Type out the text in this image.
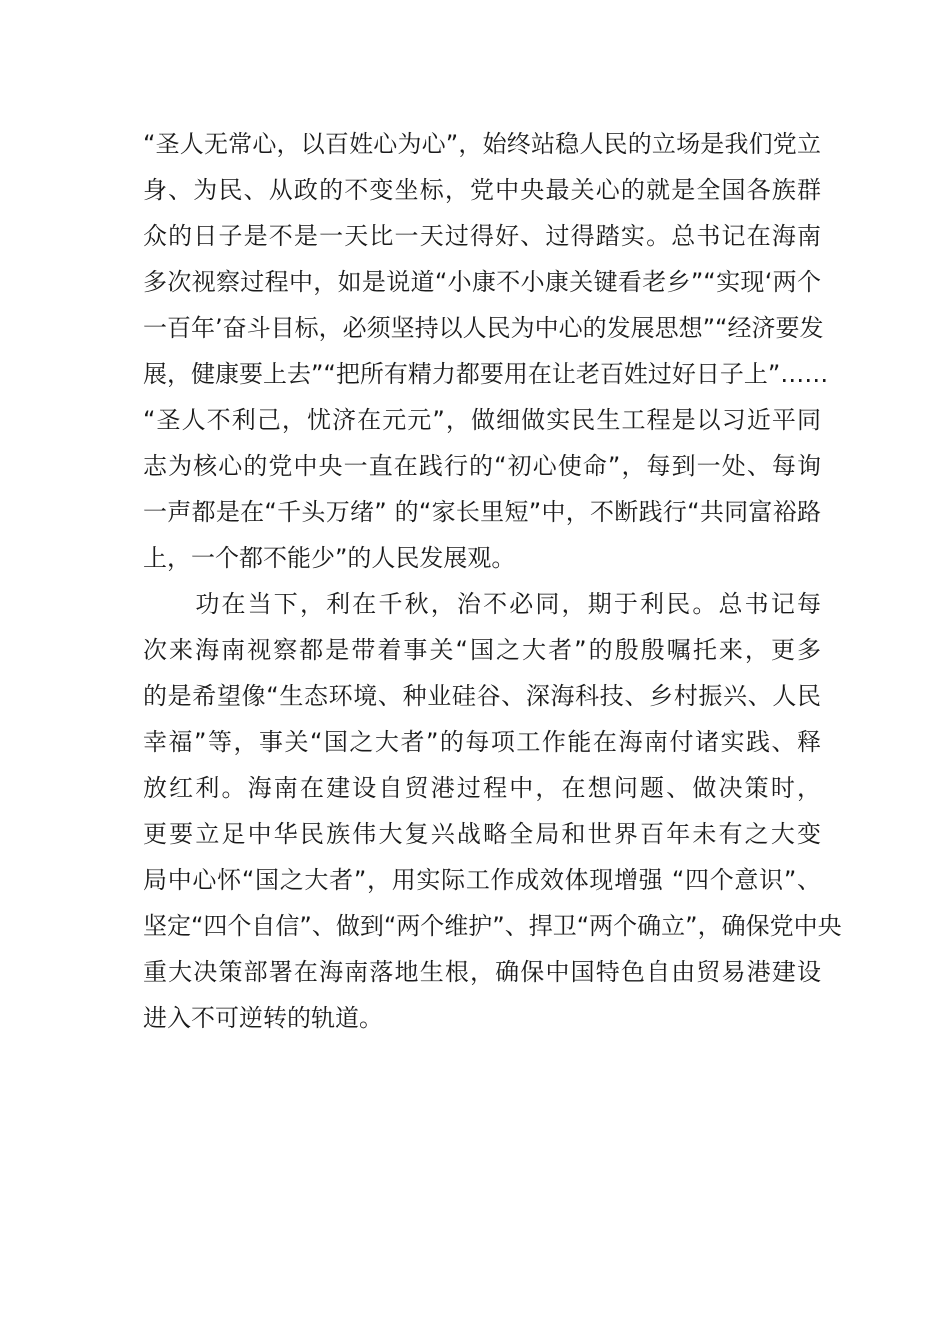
“圣人无常心，以百姓心为心”，始终站稳人民的立场是我们党立
身、为民、从政的不变坐标，党中央最关心的就是全国各族群
众的日子是不是一天比一天过得好、过得踏实。总书记在海南
多次视察过程中，如是说道“小康不小康关键看老乡”“实现‘两个
一百年’奋斗目标，必须坚持以人民为中心的发展思想”“经济要发
展，健康要上去”“把所有精力都要用在让老百姓过好日子上”……
“圣人不利己，忧济在元元”，做细做实民生工程是以习近平同
志为核心的党中央一直在践行的“初心使命”，每到一处、每询
一声都是在“千头万绪” 的“家长里短”中，不断践行“共同富裕路
上，一个都不能少”的人民发展观。
　　功在当下，利在千秋，治不必同，期于利民。总书记每
次来海南视察都是带着事关“国之大者”的殷殷嘱托来，更多
的是希望像“生态环境、种业硅谷、深海科技、乡村振兴、人民
幸福”等，事关“国之大者”的每项工作能在海南付诸实践、释
放红利。海南在建设自贸港过程中，在想问题、做决策时，
更要立足中华民族伟大复兴战略全局和世界百年未有之大变
局中心怀“国之大者”，用实际工作成效体现增强 “四个意识”、
坚定“四个自信”、做到“两个维护”、捍卫“两个确立”，确保党中央
重大决策部署在海南落地生根，确保中国特色自由贸易港建设
进入不可逆转的轨道。
